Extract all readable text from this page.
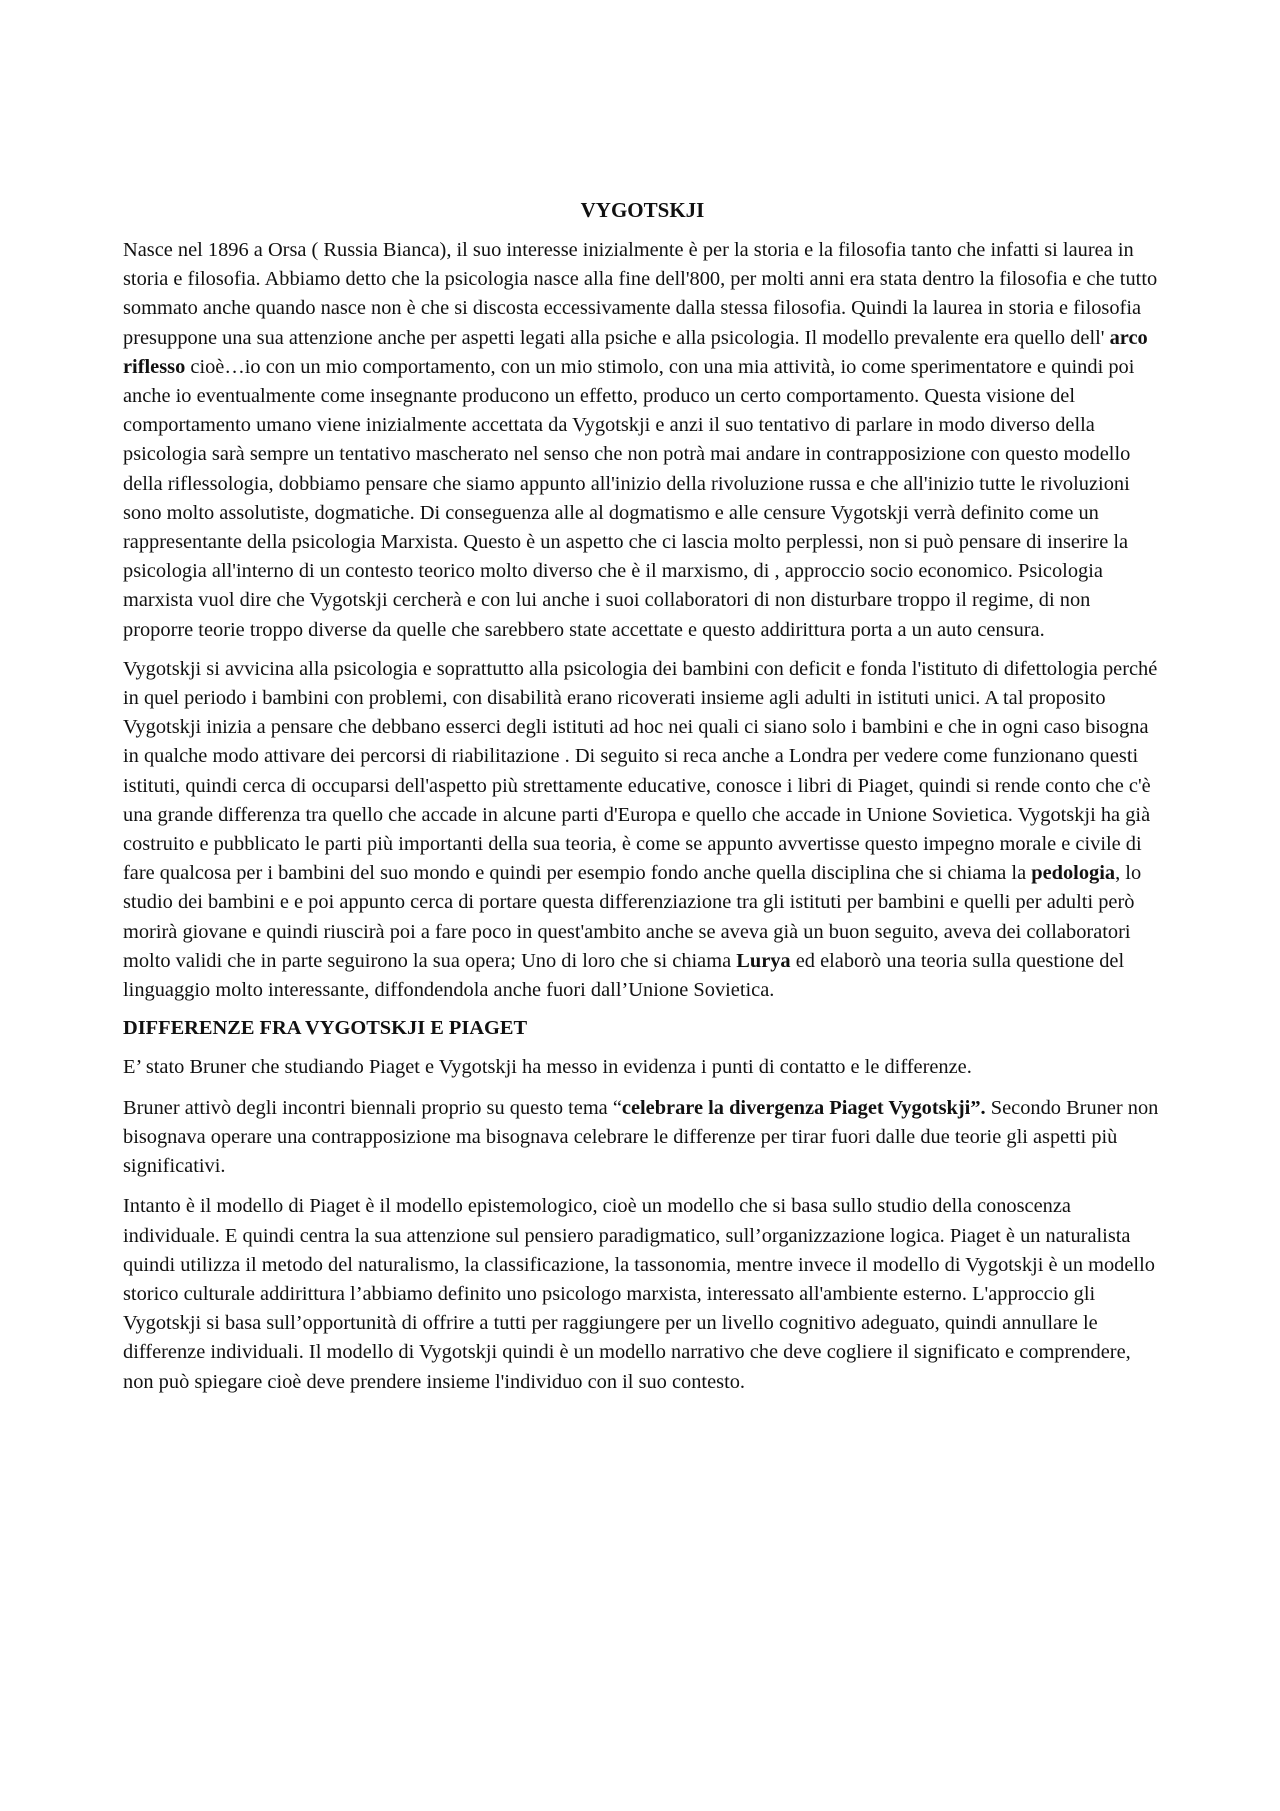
VYGOTSKJI

Nasce nel 1896 a Orsa ( Russia Bianca), il suo interesse inizialmente è per la storia e la filosofia tanto che infatti si laurea in storia e filosofia. Abbiamo detto che la psicologia nasce alla fine dell'800, per molti anni era stata dentro la filosofia e che tutto sommato anche quando nasce non è che si discosta eccessivamente dalla stessa filosofia. Quindi la laurea in storia e filosofia presuppone una sua attenzione anche per aspetti legati alla psiche e alla psicologia. Il modello prevalente era quello dell' arco riflesso cioè…io con un mio comportamento, con un mio stimolo, con una mia attività, io come sperimentatore e quindi poi anche io eventualmente come insegnante producono un effetto, produco un certo comportamento. Questa visione del comportamento umano viene inizialmente accettata da Vygotskji e anzi il suo tentativo di parlare in modo diverso della psicologia sarà sempre un tentativo mascherato nel senso che non potrà mai andare in contrapposizione con questo modello della riflessologia, dobbiamo pensare che siamo appunto all'inizio della rivoluzione russa e che all'inizio tutte le rivoluzioni sono molto assolutiste, dogmatiche. Di conseguenza alle al dogmatismo e alle censure Vygotskji verrà definito come un rappresentante della psicologia Marxista. Questo è un aspetto che ci lascia molto perplessi, non si può pensare di inserire la psicologia all'interno di un contesto teorico molto diverso che è il marxismo, di , approccio socio economico. Psicologia marxista vuol dire che Vygotskji cercherà e con lui anche i suoi collaboratori di non disturbare troppo il regime, di non proporre teorie troppo diverse da quelle che sarebbero state accettate e questo addirittura porta a un auto censura.

Vygotskji si avvicina alla psicologia e soprattutto alla psicologia dei bambini con deficit e fonda l'istituto di difettologia perché in quel periodo i bambini con problemi, con disabilità erano ricoverati insieme agli adulti in istituti unici. A tal proposito Vygotskji inizia a pensare che debbano esserci degli istituti ad hoc nei quali ci siano solo i bambini e che in ogni caso bisogna in qualche modo attivare dei percorsi di riabilitazione . Di seguito si reca anche a Londra per vedere come funzionano questi istituti, quindi cerca di occuparsi dell'aspetto più strettamente educative, conosce i libri di Piaget, quindi si rende conto che c'è una grande differenza tra quello che accade in alcune parti d'Europa e quello che accade in Unione Sovietica. Vygotskji ha già costruito e pubblicato le parti più importanti della sua teoria, è come se appunto avvertisse questo impegno morale e civile di fare qualcosa per i bambini del suo mondo e quindi per esempio fondo anche quella disciplina che si chiama la pedologia, lo studio dei bambini e e poi appunto cerca di portare questa differenziazione tra gli istituti per bambini e quelli per adulti però morirà giovane e quindi riuscirà poi a fare poco in quest'ambito anche se aveva già un buon seguito, aveva dei collaboratori molto validi che in parte seguirono la sua opera; Uno di loro che si chiama Lurya ed elaborò una teoria sulla questione del linguaggio molto interessante, diffondendola anche fuori dall’Unione Sovietica.

DIFFERENZE FRA VYGOTSKJI E PIAGET

E’ stato Bruner che studiando Piaget e Vygotskji ha messo in evidenza i punti di contatto e le differenze.

Bruner attivò degli incontri biennali proprio su questo tema “celebrare la divergenza Piaget Vygotskji”. Secondo Bruner non bisognava operare una contrapposizione ma bisognava celebrare le differenze per tirar fuori dalle due teorie gli aspetti più significativi.

Intanto è il modello di Piaget è il modello epistemologico, cioè un modello che si basa sullo studio della conoscenza individuale. E quindi centra la sua attenzione sul pensiero paradigmatico, sull’organizzazione logica. Piaget è un naturalista quindi utilizza il metodo del naturalismo, la classificazione, la tassonomia, mentre invece il modello di Vygotskji è un modello storico culturale addirittura l’abbiamo definito uno psicologo marxista, interessato all'ambiente esterno. L'approccio gli Vygotskji si basa sull’opportunità di offrire a tutti per raggiungere per un livello cognitivo adeguato, quindi annullare le differenze individuali. Il modello di Vygotskji quindi è un modello narrativo che deve cogliere il significato e comprendere, non può spiegare cioè deve prendere insieme l'individuo con il suo contesto.
